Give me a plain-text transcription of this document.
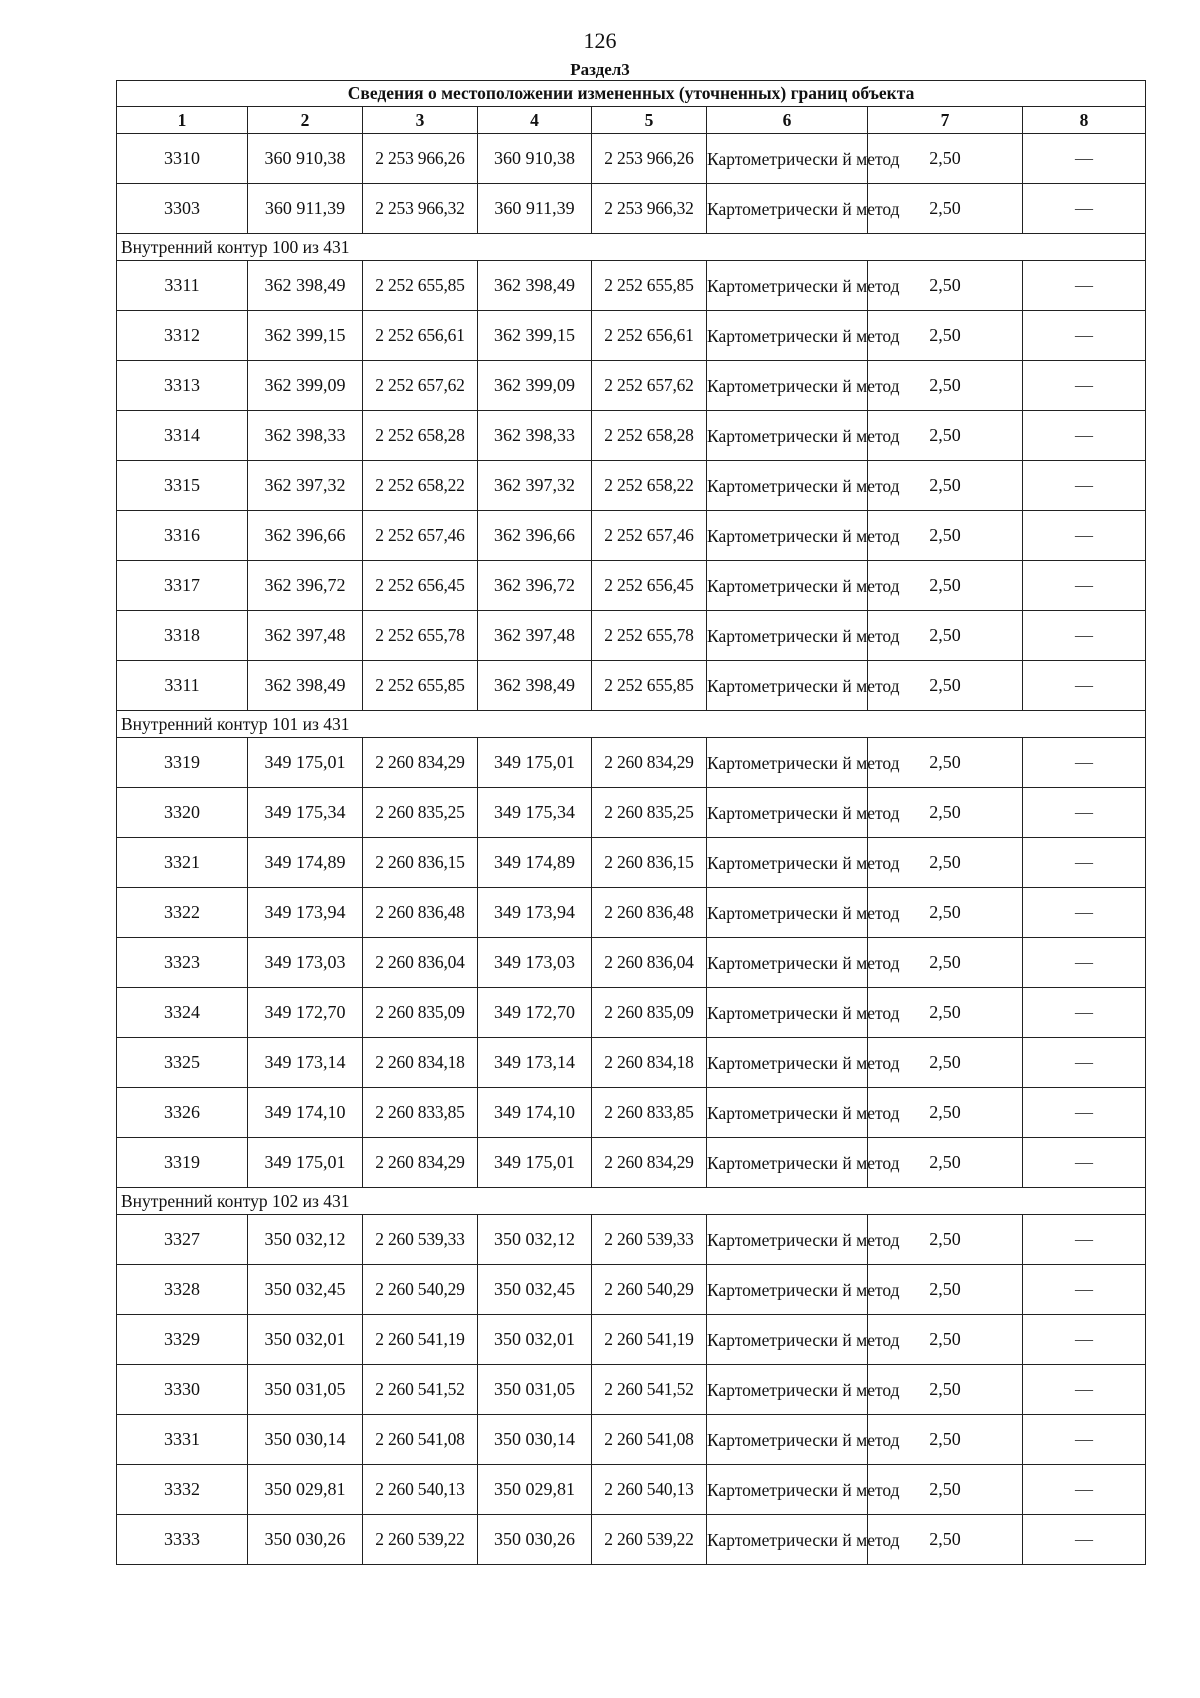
126
Раздел3
Сведения о местоположении измененных (уточненных) границ объекта							
1	2	3	4	5	6	7	8
3310	360 910,38	2 253 966,26	360 910,38	2 253 966,26	Картометрически й метод	2,50	—
3303	360 911,39	2 253 966,32	360 911,39	2 253 966,32	Картометрически й метод	2,50	—
Внутренний контур 100 из 431							
3311	362 398,49	2 252 655,85	362 398,49	2 252 655,85	Картометрически й метод	2,50	—
3312	362 399,15	2 252 656,61	362 399,15	2 252 656,61	Картометрически й метод	2,50	—
3313	362 399,09	2 252 657,62	362 399,09	2 252 657,62	Картометрически й метод	2,50	—
3314	362 398,33	2 252 658,28	362 398,33	2 252 658,28	Картометрически й метод	2,50	—
3315	362 397,32	2 252 658,22	362 397,32	2 252 658,22	Картометрически й метод	2,50	—
3316	362 396,66	2 252 657,46	362 396,66	2 252 657,46	Картометрически й метод	2,50	—
3317	362 396,72	2 252 656,45	362 396,72	2 252 656,45	Картометрически й метод	2,50	—
3318	362 397,48	2 252 655,78	362 397,48	2 252 655,78	Картометрически й метод	2,50	—
3311	362 398,49	2 252 655,85	362 398,49	2 252 655,85	Картометрически й метод	2,50	—
Внутренний контур 101 из 431							
3319	349 175,01	2 260 834,29	349 175,01	2 260 834,29	Картометрически й метод	2,50	—
3320	349 175,34	2 260 835,25	349 175,34	2 260 835,25	Картометрически й метод	2,50	—
3321	349 174,89	2 260 836,15	349 174,89	2 260 836,15	Картометрически й метод	2,50	—
3322	349 173,94	2 260 836,48	349 173,94	2 260 836,48	Картометрически й метод	2,50	—
3323	349 173,03	2 260 836,04	349 173,03	2 260 836,04	Картометрически й метод	2,50	—
3324	349 172,70	2 260 835,09	349 172,70	2 260 835,09	Картометрически й метод	2,50	—
3325	349 173,14	2 260 834,18	349 173,14	2 260 834,18	Картометрически й метод	2,50	—
3326	349 174,10	2 260 833,85	349 174,10	2 260 833,85	Картометрически й метод	2,50	—
3319	349 175,01	2 260 834,29	349 175,01	2 260 834,29	Картометрически й метод	2,50	—
Внутренний контур 102 из 431							
3327	350 032,12	2 260 539,33	350 032,12	2 260 539,33	Картометрически й метод	2,50	—
3328	350 032,45	2 260 540,29	350 032,45	2 260 540,29	Картометрически й метод	2,50	—
3329	350 032,01	2 260 541,19	350 032,01	2 260 541,19	Картометрически й метод	2,50	—
3330	350 031,05	2 260 541,52	350 031,05	2 260 541,52	Картометрически й метод	2,50	—
3331	350 030,14	2 260 541,08	350 030,14	2 260 541,08	Картометрически й метод	2,50	—
3332	350 029,81	2 260 540,13	350 029,81	2 260 540,13	Картометрически й метод	2,50	—
3333	350 030,26	2 260 539,22	350 030,26	2 260 539,22	Картометрически й метод	2,50	—
